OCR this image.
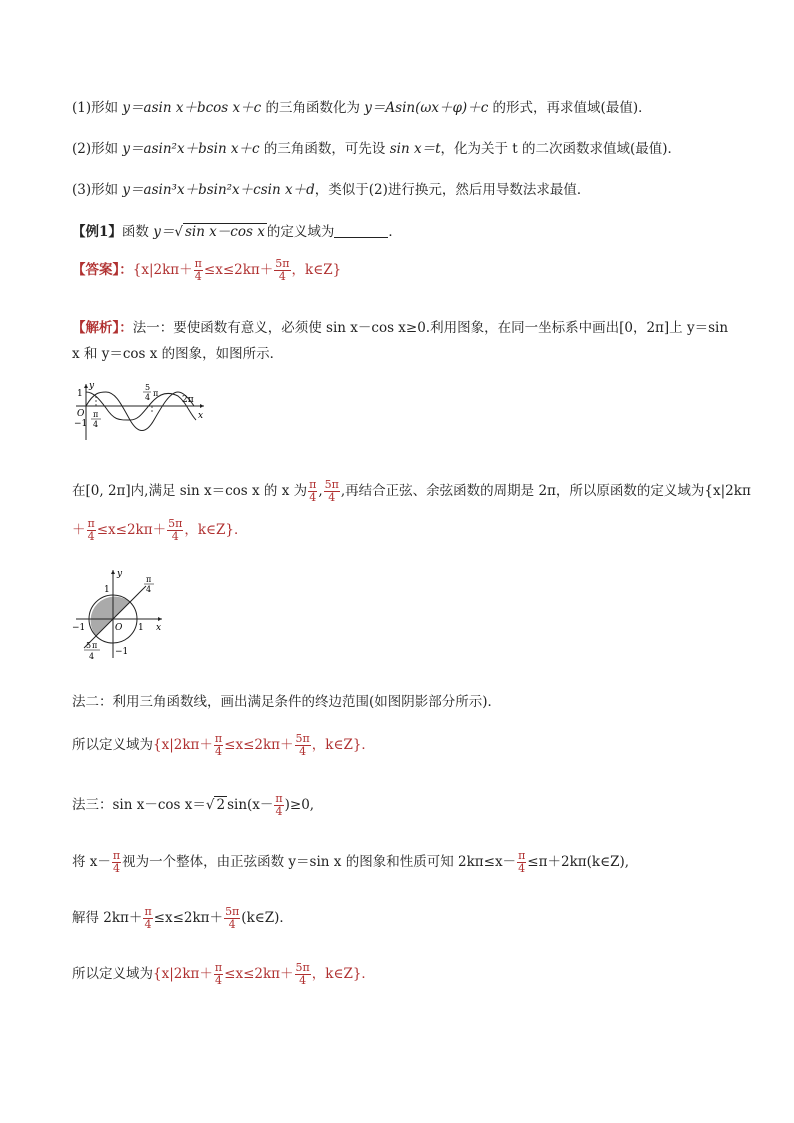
(1)形如 y＝asin x＋bcos x＋c 的三角函数化为 y＝Asin(ωx＋φ)＋c 的形式，再求值域(最值)．
(2)形如 y＝asin²x＋bsin x＋c 的三角函数，可先设 sin x＝t，化为关于 t 的二次函数求值域(最值)．
(3)形如 y＝asin³x＋bsin²x＋csin x＋d，类似于(2)进行换元，然后用导数法求最值．
【例1】函数 y＝√ sin x－cos x 的定义域为	．
【答案】：{$x|2k\pi+ \frac{\pi}{4} \le x\le 2k\pi+ \frac{5\pi}{4}$ ，k∈Z}
【解析】：法一：要使函数有意义，必须使 sin x－cos x≥0.利用图象，在同一坐标系中画出[0，2π]上 y＝sin
x 和 y＝cos x 的图象，如图所示．
y
x
1
−1
O
5
4 π
2π
π
4
在[0, 2π]内,满足 sin x＝cos x 的 x 为 $\frac{\pi}{4}$ , $\frac{5\pi}{4}$ ,再结合正弦、余弦函数的周期是 2π，所以原函数的定义域为{x|2kπ
＋ $\frac{\pi}{4} \le x\le 2k\pi+ \frac{5\pi}{4}$ ，k∈Z}．
y
x
1
1
−1	O
−1
π
4
5 π
4
法二：利用三角函数线，画出满足条件的终边范围(如图阴影部分所示)．
所以定义域为{$x|2k\pi+ \frac{\pi}{4} \le x\le 2k\pi+ \frac{5\pi}{4}$ ，k∈Z}．
法三：sin x－cos x＝√ 2 $\sin(x- \frac{\pi}{4} )\ge 0$,
将 $x- \frac{\pi}{4}$ 视为一个整体，由正弦函数 y＝sin x 的图象和性质可知 $2k\pi\le x- \frac{\pi}{4}$ ≤π＋2kπ(k∈Z),
解得 $2k\pi+ \frac{\pi}{4} \le x\le 2k\pi+ \frac{5\pi}{4}$ (k∈Z)．
所以定义域为{$x|2k\pi+ \frac{\pi}{4} \le x\le 2k\pi+ \frac{5\pi}{4}$ ，k∈Z}．
